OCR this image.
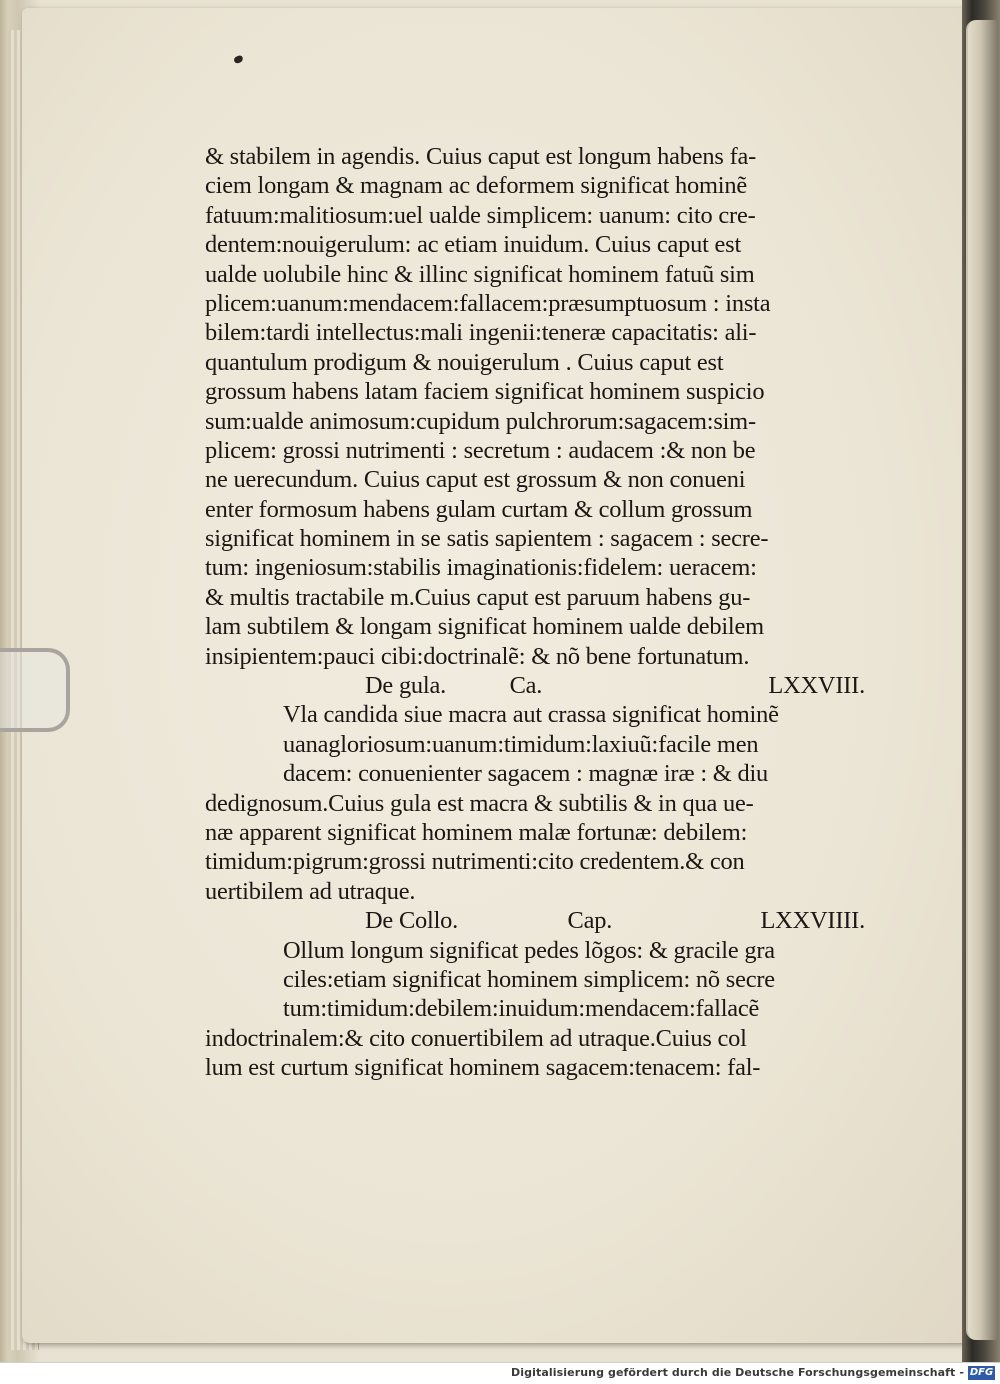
& stabilem in agendis. Cuius caput est longum habens fa-
ciem longam & magnam ac deformem significat hominẽ
fatuum:malitiosum:uel ualde simplicem: uanum: cito cre-
dentem:nouigerulum: ac etiam inuidum. Cuius caput est
ualde uolubile hinc & illinc significat hominem fatuũ sim
plicem:uanum:mendacem:fallacem:præsumptuosum : insta
bilem:tardi intellectus:mali ingenii:teneræ capacitatis: ali-
quantulum prodigum & nouigerulum . Cuius caput est
grossum habens latam faciem significat hominem suspicio
sum:ualde animosum:cupidum pulchrorum:sagacem:sim-
plicem: grossi nutrimenti : secretum : audacem :& non be
ne uerecundum. Cuius caput est grossum & non conueni
enter formosum habens gulam curtam & collum grossum
significat hominem in se satis sapientem : sagacem : secre-
tum: ingeniosum:stabilis imaginationis:fidelem: ueracem:
& multis tractabile m.Cuius caput est paruum habens gu-
lam subtilem & longam significat hominem ualde debilem
insipientem:pauci cibi:doctrinalẽ: & nõ bene fortunatum.
De gula.	Ca.	LXXVIII.
Vla candida siue macra aut crassa significat hominẽ
uanagloriosum:uanum:timidum:laxiuũ:facile men
dacem: conuenienter sagacem : magnæ iræ : & diu
dedignosum.Cuius gula est macra & subtilis & in qua ue-
næ apparent significat hominem malæ fortunæ: debilem:
timidum:pigrum:grossi nutrimenti:cito credentem.& con
uertibilem ad utraque.
De Collo.	Cap.	LXXVIIII.
Ollum longum significat pedes lõgos: & gracile gra
ciles:etiam significat hominem simplicem: nõ secre
tum:timidum:debilem:inuidum:mendacem:fallacẽ
indoctrinalem:& cito conuertibilem ad utraque.Cuius col
lum est curtum significat hominem sagacem:tenacem: fal-
Digitalisierung gefördert durch die Deutsche Forschungsgemeinschaft - DFG
